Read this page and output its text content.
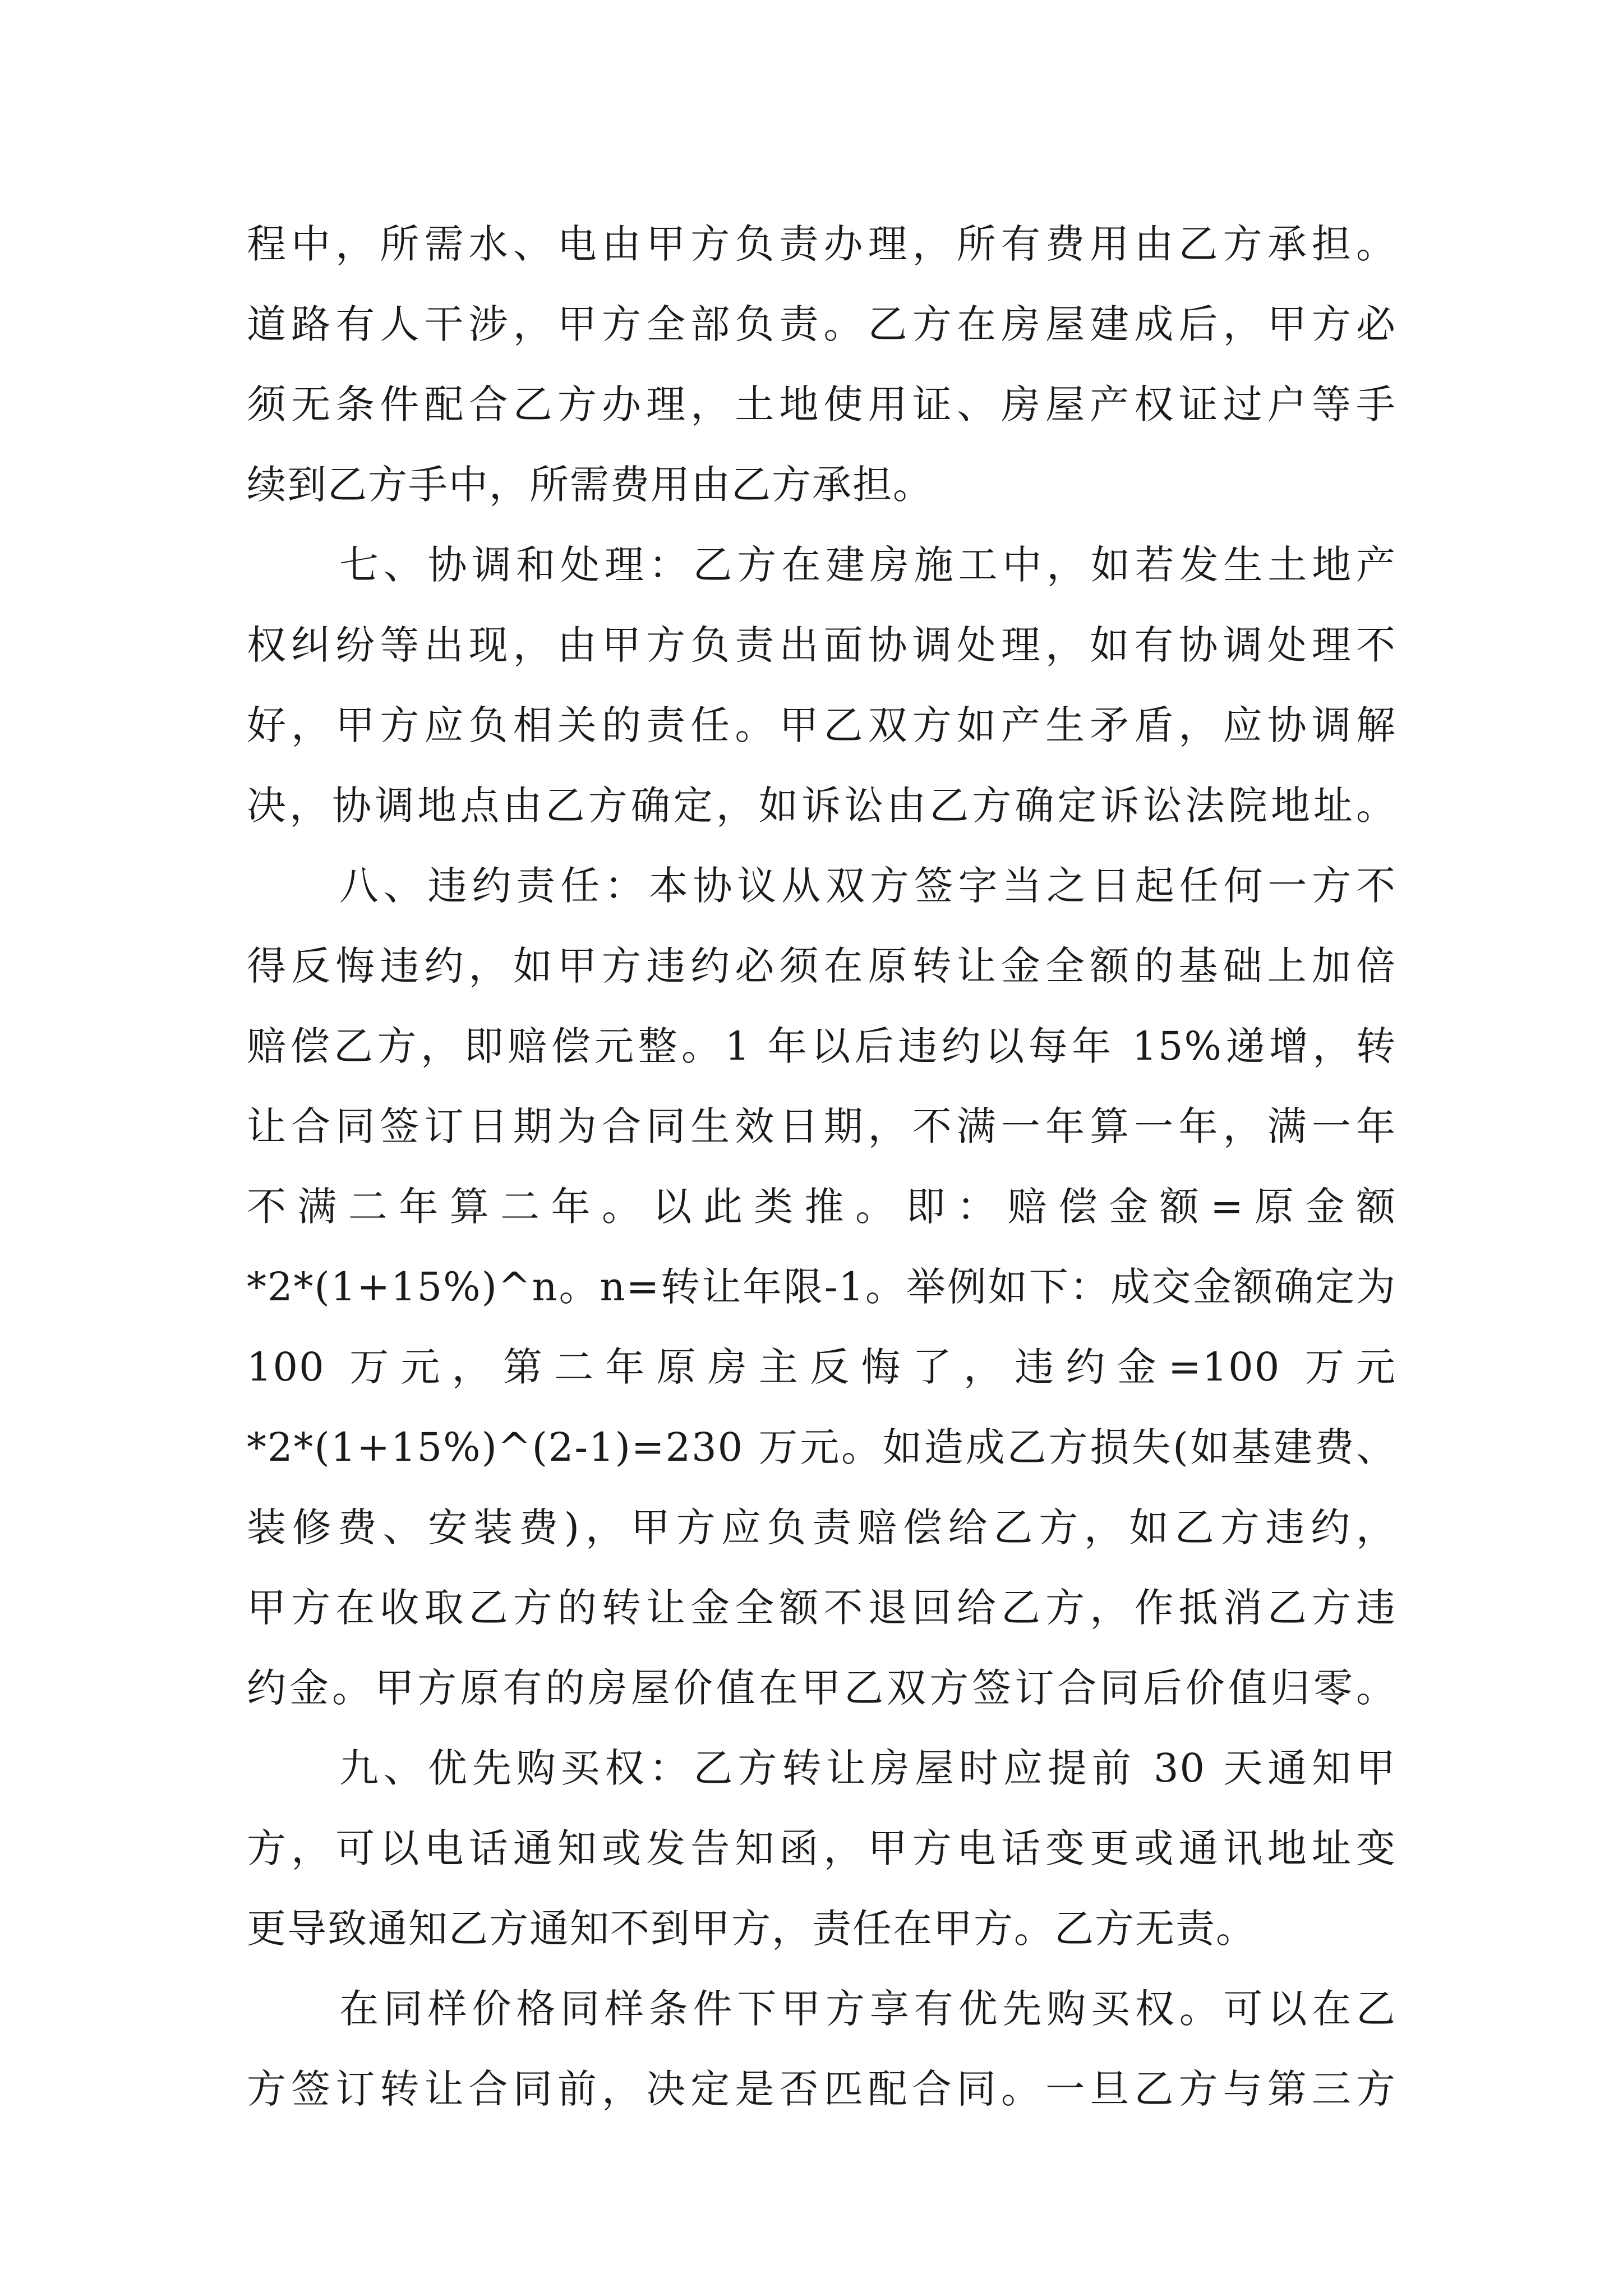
程中，所需水、电由甲方负责办理，所有费用由乙方承担。
道路有人干涉，甲方全部负责。乙方在房屋建成后，甲方必
须无条件配合乙方办理，土地使用证、房屋产权证过户等手
续到乙方手中，所需费用由乙方承担。
七、协调和处理：乙方在建房施工中，如若发生土地产
权纠纷等出现，由甲方负责出面协调处理，如有协调处理不
好，甲方应负相关的责任。甲乙双方如产生矛盾，应协调解
决，协调地点由乙方确定，如诉讼由乙方确定诉讼法院地址。
八、违约责任：本协议从双方签字当之日起任何一方不
得反悔违约，如甲方违约必须在原转让金全额的基础上加倍
赔偿乙方，即赔偿元整。1 年以后违约以每年 15%递增，转
让合同签订日期为合同生效日期，不满一年算一年，满一年
不满二年算二年。以此类推。即：赔偿金额=原金额
*2*(1+15%)^n。n=转让年限-1。举例如下：成交金额确定为
100 万元，第二年原房主反悔了，违约金=100 万元
*2*(1+15%)^(2-1)=230 万元。如造成乙方损失(如基建费、
装修费、安装费)，甲方应负责赔偿给乙方，如乙方违约，
甲方在收取乙方的转让金全额不退回给乙方，作抵消乙方违
约金。甲方原有的房屋价值在甲乙双方签订合同后价值归零。
九、优先购买权：乙方转让房屋时应提前 30 天通知甲
方，可以电话通知或发告知函，甲方电话变更或通讯地址变
更导致通知乙方通知不到甲方，责任在甲方。乙方无责。
在同样价格同样条件下甲方享有优先购买权。可以在乙
方签订转让合同前，决定是否匹配合同。一旦乙方与第三方
